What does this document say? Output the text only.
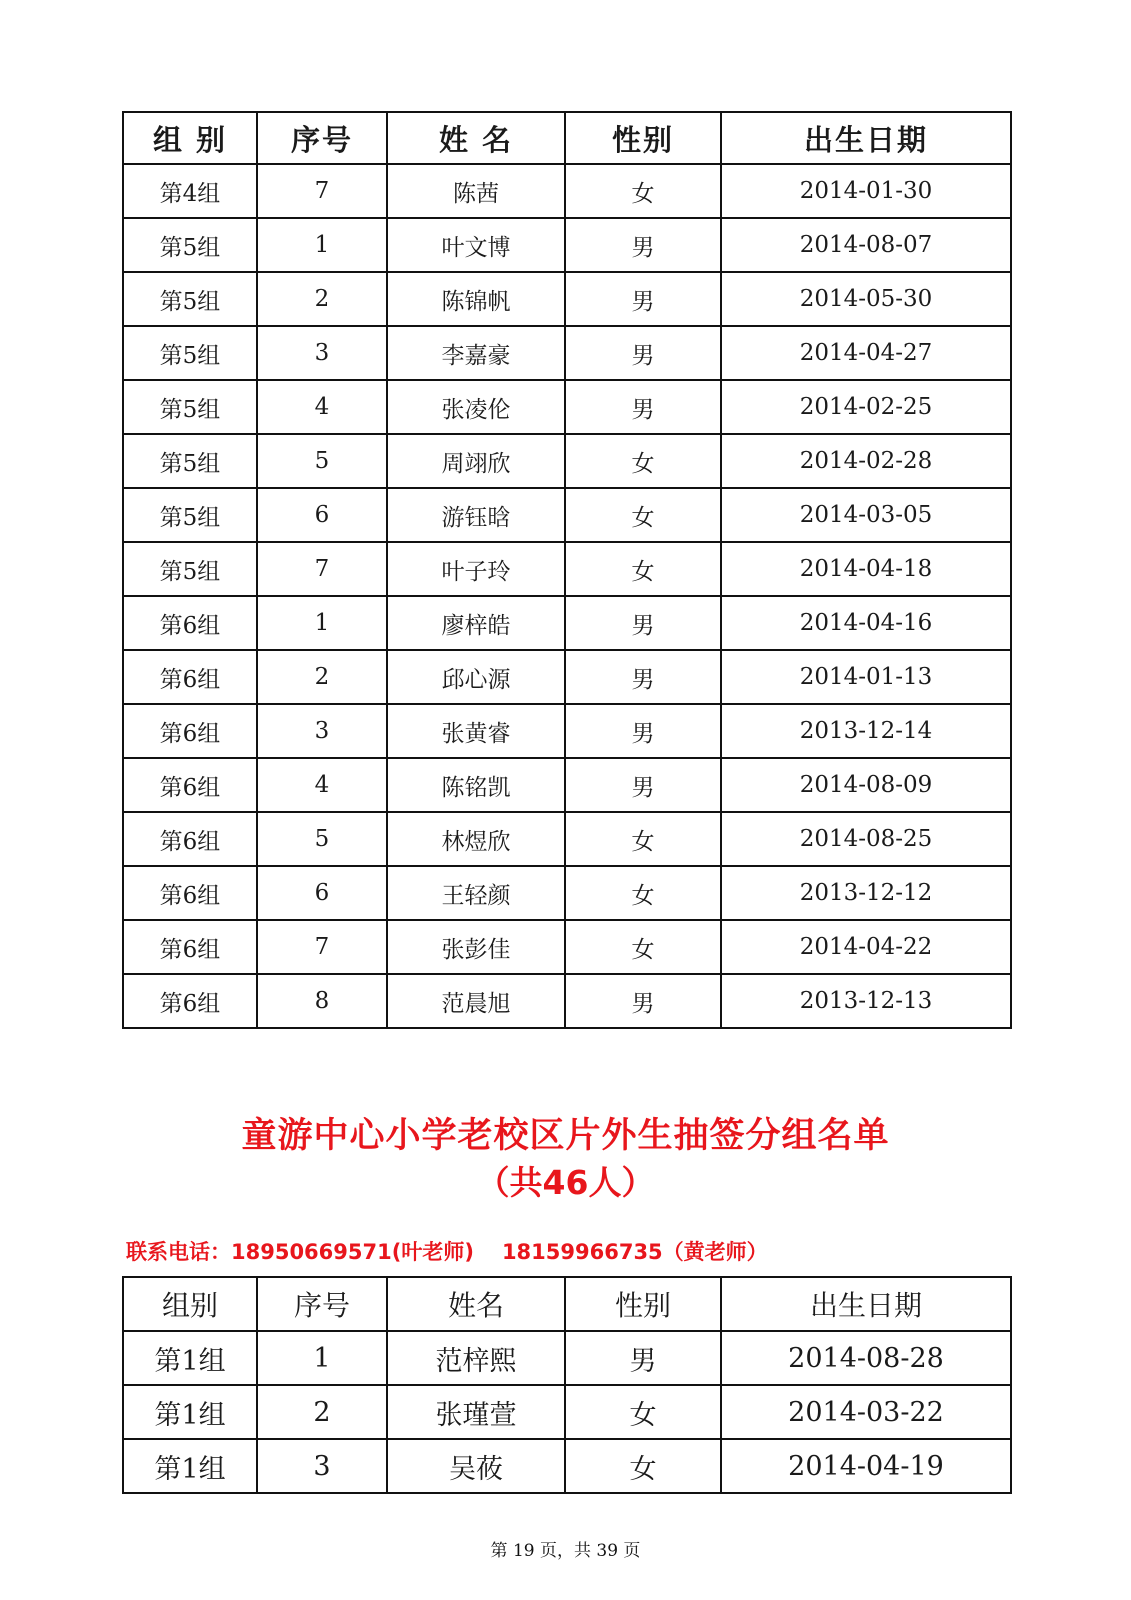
组 别	序号	姓 名	性别	出生日期
第4组	7	陈茜	女	2014-01-30
第5组	1	叶文博	男	2014-08-07
第5组	2	陈锦帆	男	2014-05-30
第5组	3	李嘉豪	男	2014-04-27
第5组	4	张凌伦	男	2014-02-25
第5组	5	周翊欣	女	2014-02-28
第5组	6	游钰晗	女	2014-03-05
第5组	7	叶子玲	女	2014-04-18
第6组	1	廖梓皓	男	2014-04-16
第6组	2	邱心源	男	2014-01-13
第6组	3	张黄睿	男	2013-12-14
第6组	4	陈铭凯	男	2014-08-09
第6组	5	林煜欣	女	2014-08-25
第6组	6	王轻颜	女	2013-12-12
第6组	7	张彭佳	女	2014-04-22
第6组	8	范晨旭	男	2013-12-13
童游中心小学老校区片外生抽签分组名单
（共46人）
联系电话：18950669571(叶老师) 18159966735（黄老师）
组别	序号	姓名	性别	出生日期
第1组	1	范梓熙	男	2014-08-28
第1组	2	张瑾萱	女	2014-03-22
第1组	3	吴莜	女	2014-04-19
第 19 页，共 39 页
